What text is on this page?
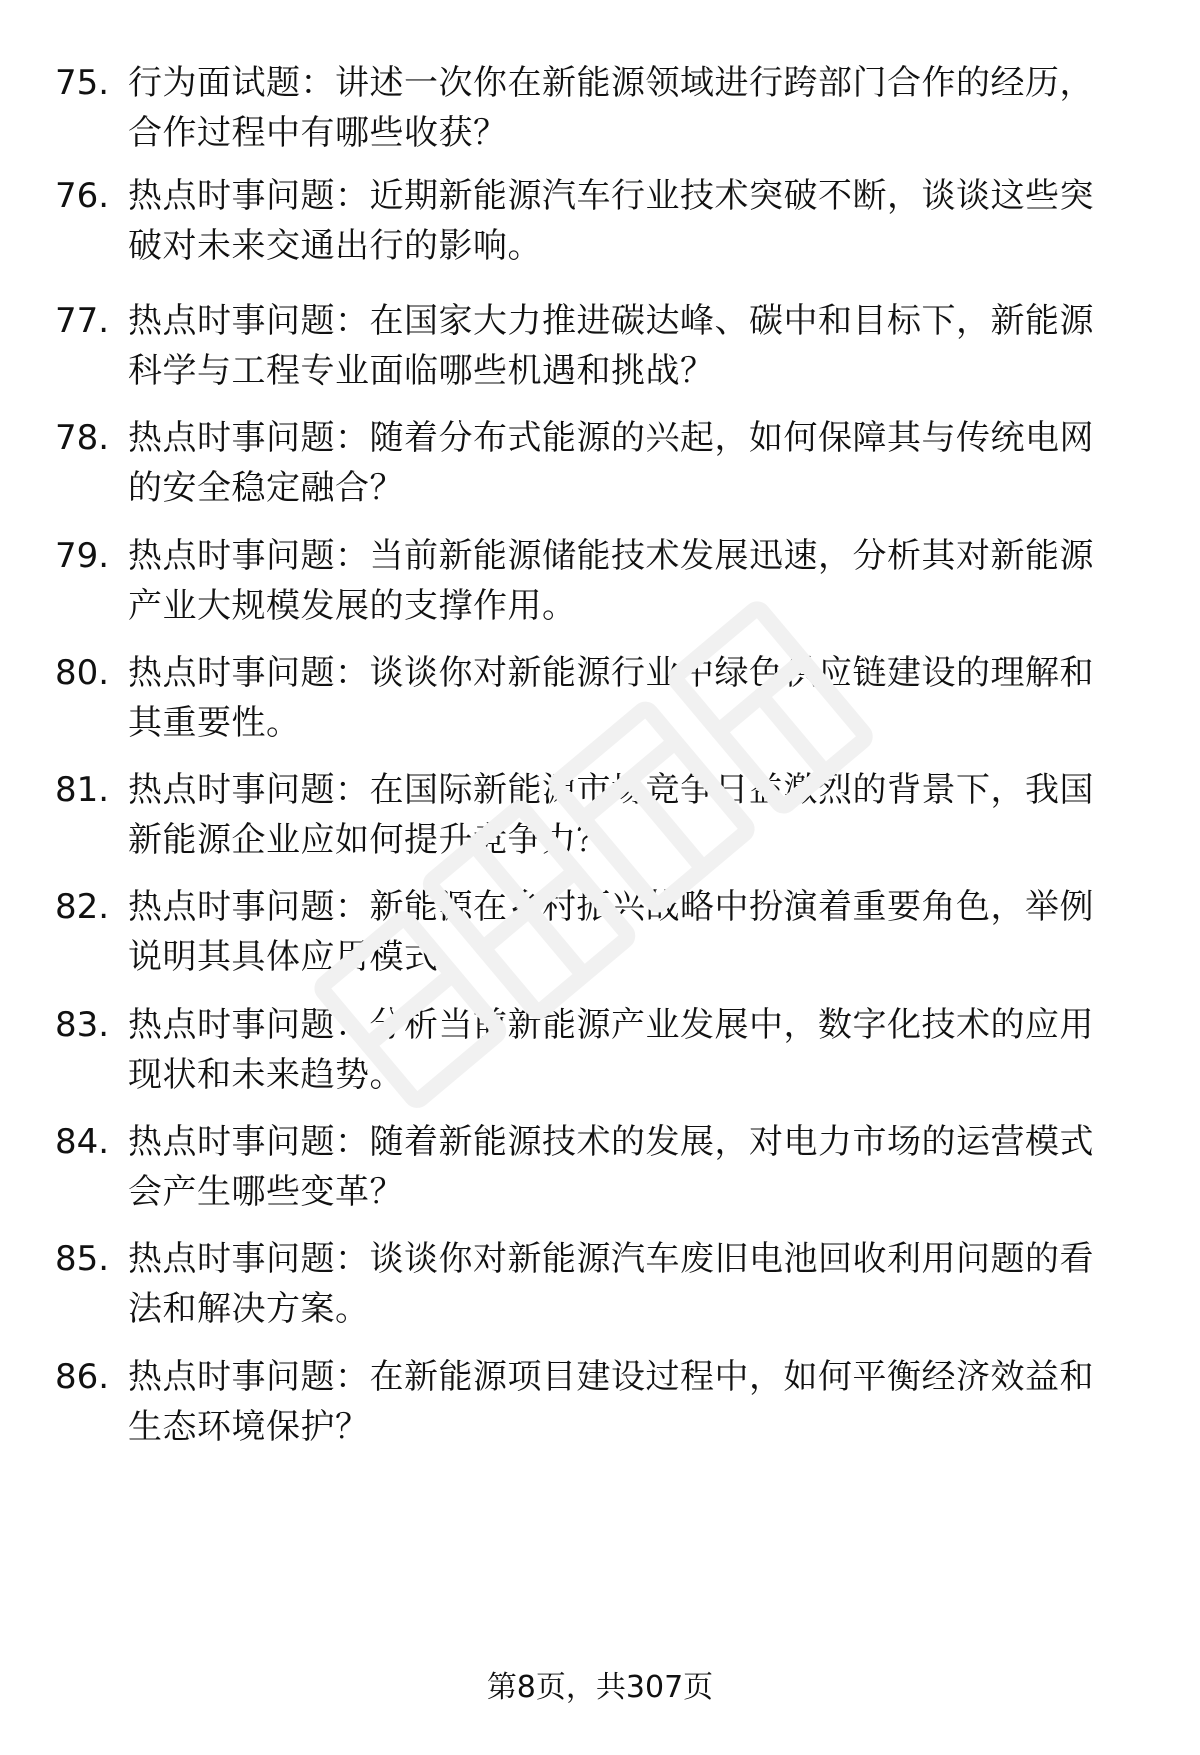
75. 行为面试题：讲述一次你在新能源领域进行跨部门合作的经历，
合作过程中有哪些收获？
76. 热点时事问题：近期新能源汽车行业技术突破不断，谈谈这些突
破对未来交通出行的影响。
77. 热点时事问题：在国家大力推进碳达峰、碳中和目标下，新能源
科学与工程专业面临哪些机遇和挑战？
78. 热点时事问题：随着分布式能源的兴起，如何保障其与传统电网
的安全稳定融合？
79. 热点时事问题：当前新能源储能技术发展迅速，分析其对新能源
产业大规模发展的支撑作用。
80. 热点时事问题：谈谈你对新能源行业中绿色供应链建设的理解和
其重要性。
81. 热点时事问题：在国际新能源市场竞争日益激烈的背景下，我国
新能源企业应如何提升竞争力？
82. 热点时事问题：新能源在乡村振兴战略中扮演着重要角色，举例
说明其具体应用模式。
83. 热点时事问题：分析当前新能源产业发展中，数字化技术的应用
现状和未来趋势。
84. 热点时事问题：随着新能源技术的发展，对电力市场的运营模式
会产生哪些变革？
85. 热点时事问题：谈谈你对新能源汽车废旧电池回收利用问题的看
法和解决方案。
86. 热点时事问题：在新能源项目建设过程中，如何平衡经济效益和
生态环境保护？
第8页，共307页
